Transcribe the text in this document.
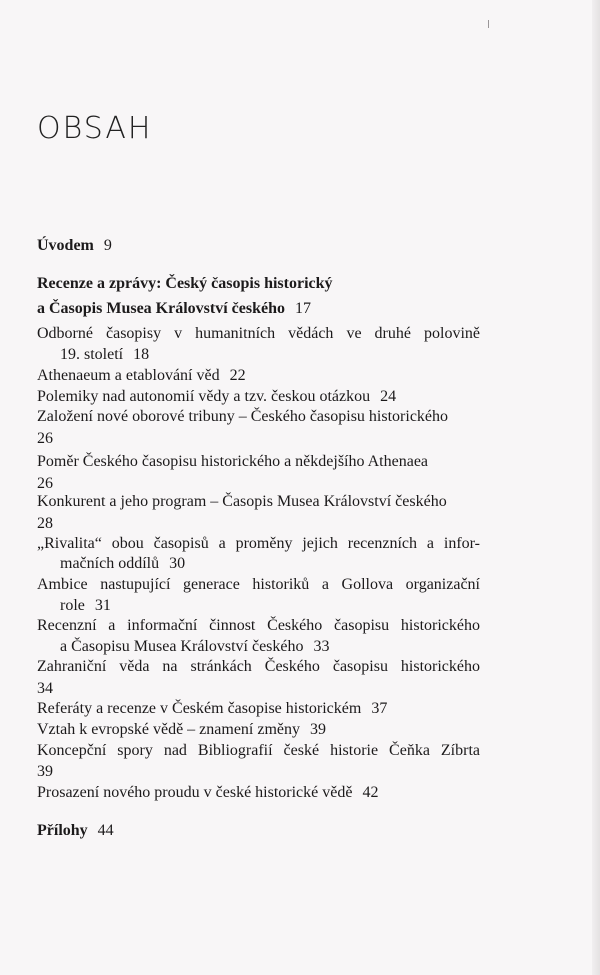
OBSAH
Úvodem 9
Recenze a zprávy: Český časopis historický
a Časopis Musea Království českého 17
Odborné časopisy v humanitních vědách ve druhé polovině
19. století 18
Athenaeum a etablování věd 22
Polemiky nad autonomií vědy a tzv. českou otázkou 24
Založení nové oborové tribuny – Českého časopisu historického
26
Poměr Českého časopisu historického a někdejšího Athenaea
26
Konkurent a jeho program – Časopis Musea Království českého
28
„Rivalita“ obou časopisů a proměny jejich recenzních a infor-
mačních oddílů 30
Ambice nastupující generace historiků a Gollova organizační
role 31
Recenzní a informační činnost Českého časopisu historického
a Časopisu Musea Království českého 33
Zahraniční věda na stránkách Českého časopisu historického
34
Referáty a recenze v Českém časopise historickém 37
Vztah k evropské vědě – znamení změny 39
Koncepční spory nad Bibliografií české historie Čeňka Zíbrta
39
Prosazení nového proudu v české historické vědě 42
Přílohy 44
